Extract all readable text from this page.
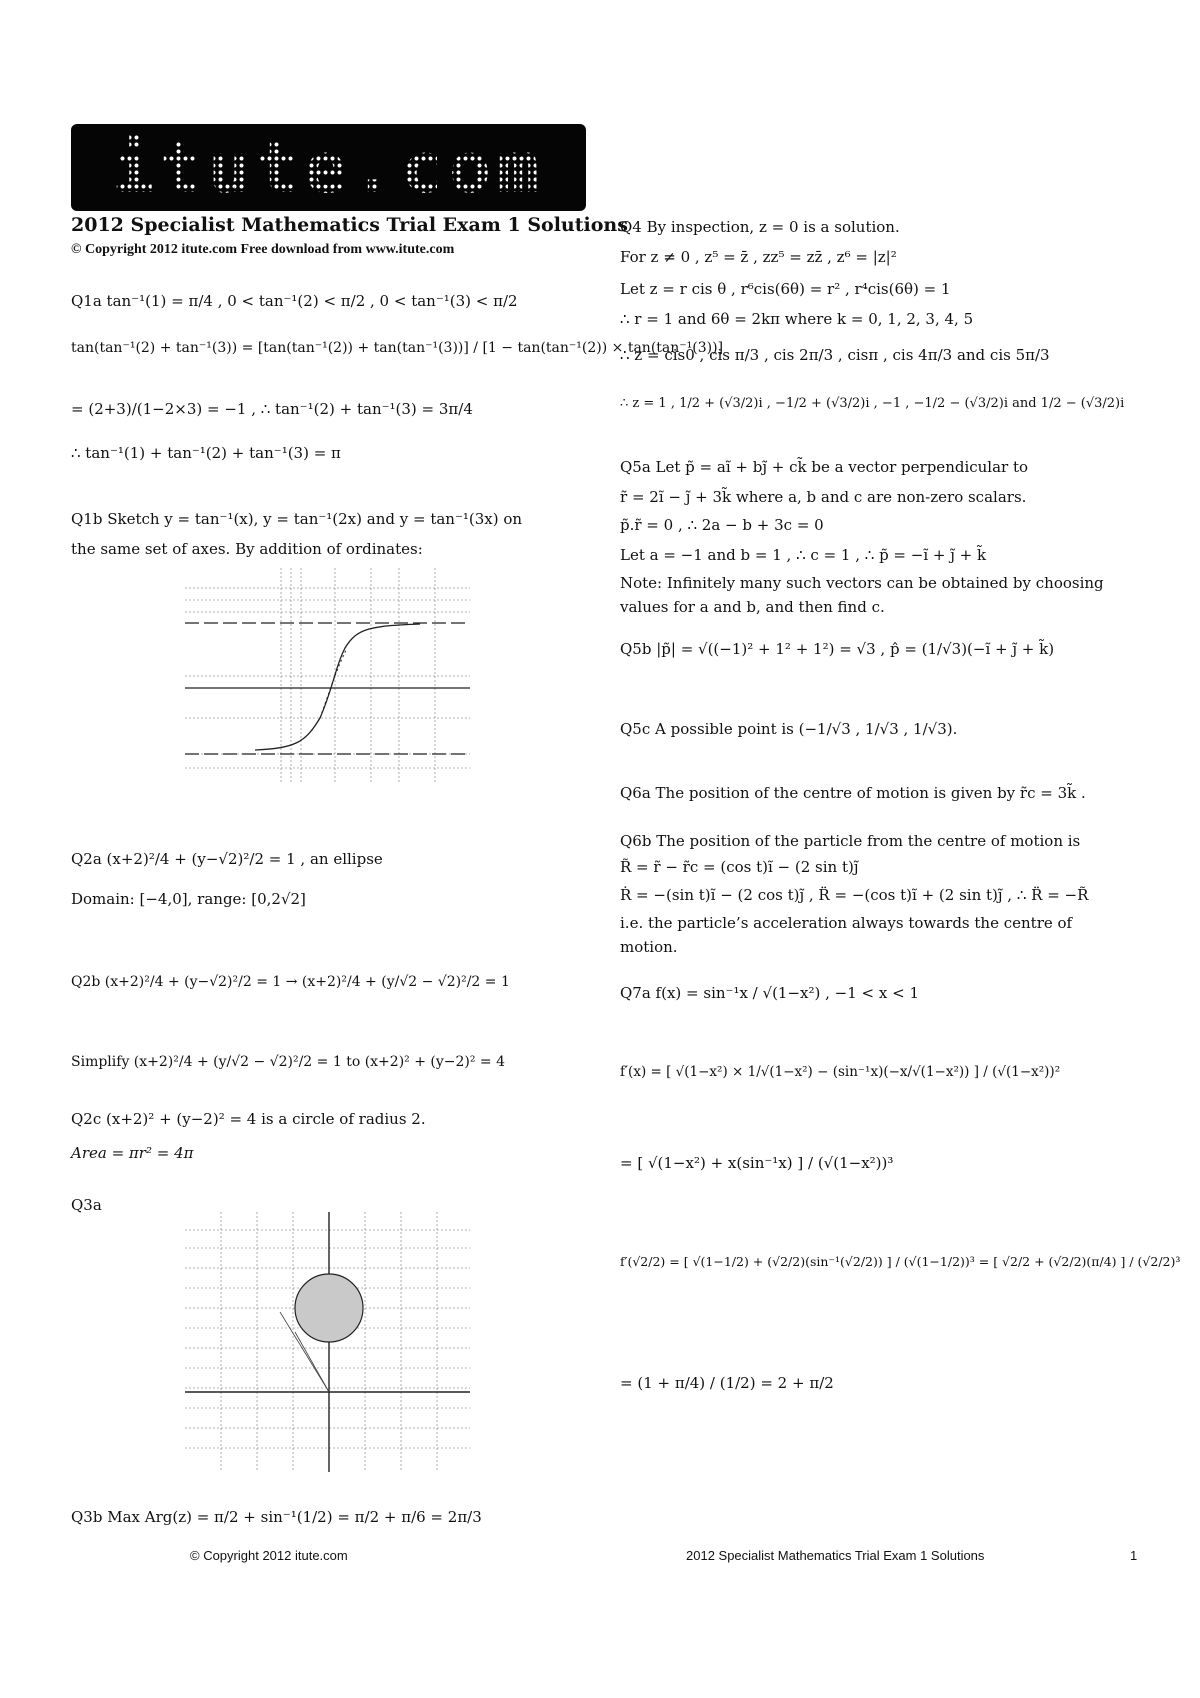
itute.com
2012 Specialist Mathematics Trial Exam 1 Solutions
© Copyright 2012 itute.com Free download from www.itute.com
Q1a tan⁻¹(1) = π/4 , 0 < tan⁻¹(2) < π/2 , 0 < tan⁻¹(3) < π/2
tan(tan⁻¹(2) + tan⁻¹(3)) = [tan(tan⁻¹(2)) + tan(tan⁻¹(3))] / [1 − tan(tan⁻¹(2)) × tan(tan⁻¹(3))]
= (2+3)/(1−2×3) = −1 , ∴ tan⁻¹(2) + tan⁻¹(3) = 3π/4
∴ tan⁻¹(1) + tan⁻¹(2) + tan⁻¹(3) = π
Q1b Sketch y = tan⁻¹(x), y = tan⁻¹(2x) and y = tan⁻¹(3x) on
the same set of axes. By addition of ordinates:
Q2a (x+2)²/4 + (y−√2)²/2 = 1 , an ellipse
Domain: [−4,0], range: [0,2√2]
Q2b (x+2)²/4 + (y−√2)²/2 = 1 → (x+2)²/4 + (y/√2 − √2)²/2 = 1
Simplify (x+2)²/4 + (y/√2 − √2)²/2 = 1 to (x+2)² + (y−2)² = 4
Q2c (x+2)² + (y−2)² = 4 is a circle of radius 2.
Area = πr² = 4π
Q3a
Q3b Max Arg(z) = π/2 + sin⁻¹(1/2) = π/2 + π/6 = 2π/3
Q4 By inspection, z = 0 is a solution.
For z ≠ 0 , z⁵ = z̄ , zz⁵ = zz̄ , z⁶ = |z|²
Let z = r cis θ , r⁶cis(6θ) = r² , r⁴cis(6θ) = 1
∴ r = 1 and 6θ = 2kπ where k = 0, 1, 2, 3, 4, 5
∴ z = cis0 , cis π/3 , cis 2π/3 , cisπ , cis 4π/3 and cis 5π/3
∴ z = 1 , 1/2 + (√3/2)i , −1/2 + (√3/2)i , −1 , −1/2 − (√3/2)i and 1/2 − (√3/2)i
Q5a Let p̃ = aĩ + bj̃ + ck̃ be a vector perpendicular to
r̃ = 2ĩ − j̃ + 3k̃ where a, b and c are non-zero scalars.
p̃.r̃ = 0 , ∴ 2a − b + 3c = 0
Let a = −1 and b = 1 , ∴ c = 1 , ∴ p̃ = −ĩ + j̃ + k̃
Note: Infinitely many such vectors can be obtained by choosing
values for a and b, and then find c.
Q5b |p̃| = √((−1)² + 1² + 1²) = √3 , p̂ = (1/√3)(−ĩ + j̃ + k̃)
Q5c A possible point is (−1/√3 , 1/√3 , 1/√3).
Q6a The position of the centre of motion is given by r̃c = 3k̃ .
Q6b The position of the particle from the centre of motion is
R̃ = r̃ − r̃c = (cos t)ĩ − (2 sin t)j̃
Ṙ = −(sin t)ĩ − (2 cos t)j̃ , R̈ = −(cos t)ĩ + (2 sin t)j̃ , ∴ R̈ = −R̃
i.e. the particle’s acceleration always towards the centre of
motion.
Q7a f(x) = sin⁻¹x / √(1−x²) , −1 < x < 1
f′(x) = [ √(1−x²) × 1/√(1−x²) − (sin⁻¹x)(−x/√(1−x²)) ] / (√(1−x²))²
= [ √(1−x²) + x(sin⁻¹x) ] / (√(1−x²))³
f′(√2/2) = [ √(1−1/2) + (√2/2)(sin⁻¹(√2/2)) ] / (√(1−1/2))³ = [ √2/2 + (√2/2)(π/4) ] / (√2/2)³
= (1 + π/4) / (1/2) = 2 + π/2
© Copyright 2012 itute.com	2012 Specialist Mathematics Trial Exam 1 Solutions	1
